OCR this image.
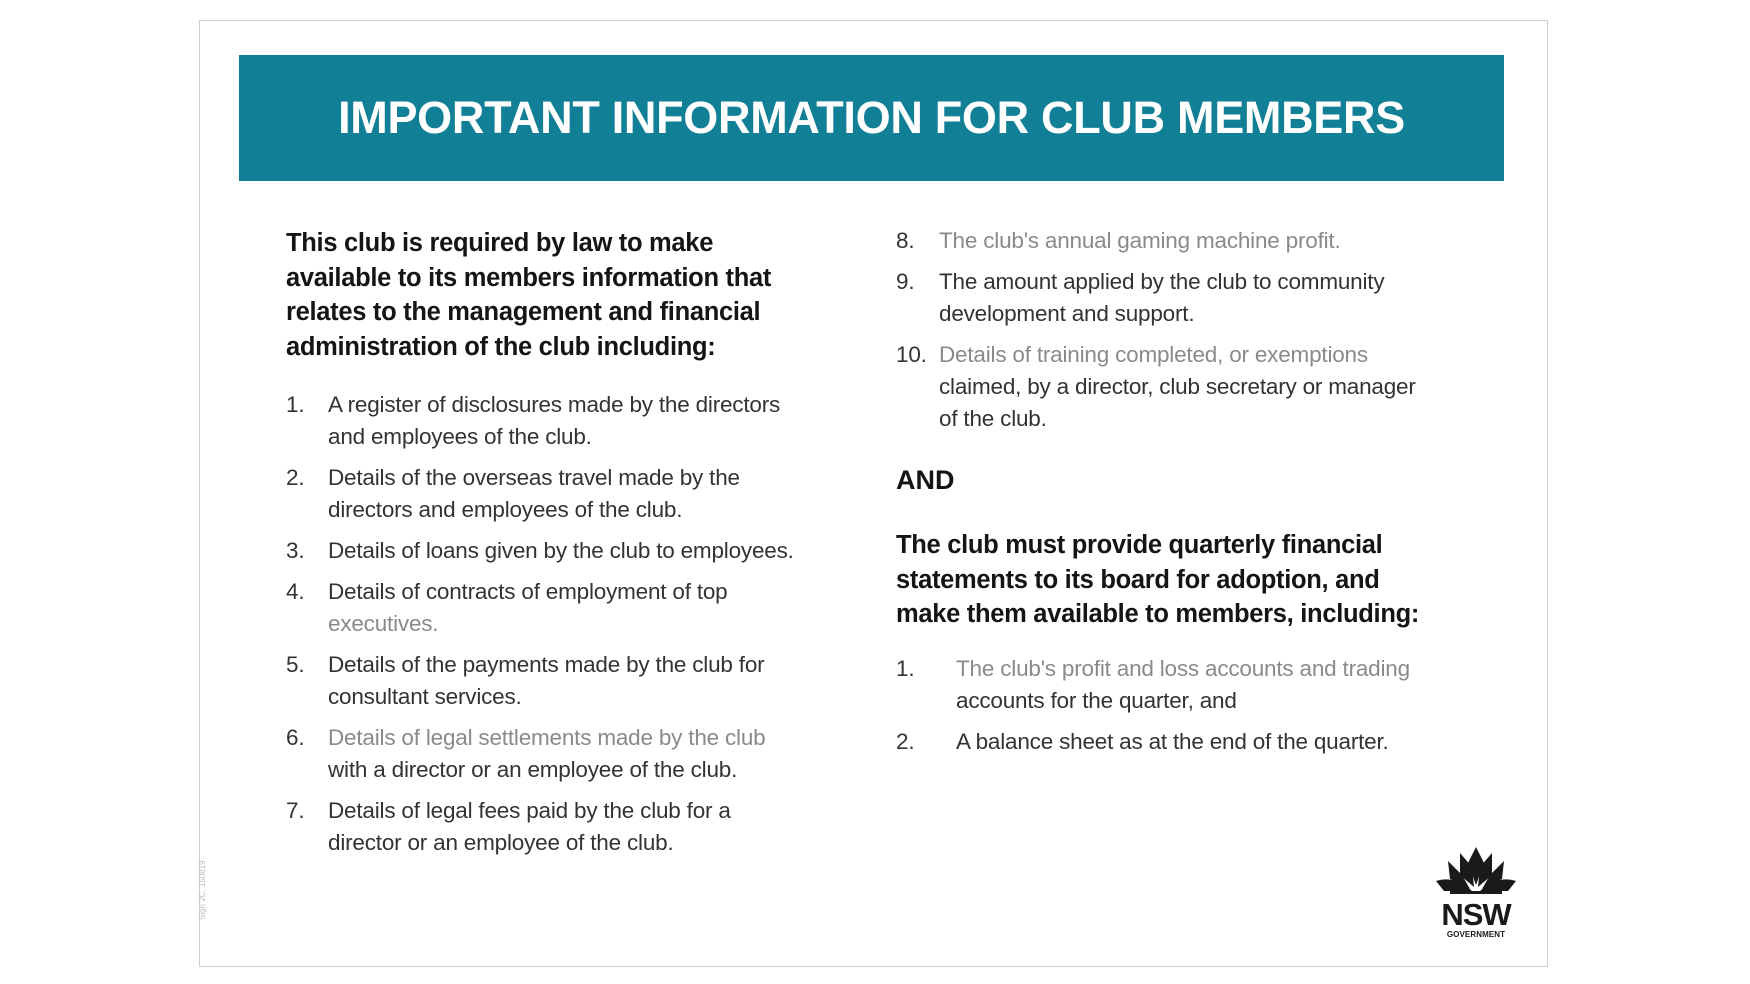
IMPORTANT INFORMATION FOR CLUB MEMBERS
This club is required by law to make
available to its members information that
relates to the management and financial
administration of the club including:
1.	A register of disclosures made by the directors
and employees of the club.
2.	Details of the overseas travel made by the
directors and employees of the club.
3.	Details of loans given by the club to employees.
4.	Details of contracts of employment of top
executives.
5.	Details of the payments made by the club for
consultant services.
6.	Details of legal settlements made by the club
with a director or an employee of the club.
7.	Details of legal fees paid by the club for a
director or an employee of the club.
8.	The club's annual gaming machine profit.
9.	The amount applied by the club to community
development and support.
10. Details of training completed, or exemptions
claimed, by a director, club secretary or manager
of the club.
AND
The club must provide quarterly financial
statements to its board for adoption, and
make them available to members, including:
1.	The club's profit and loss accounts and trading
accounts for the quarter, and
2.	A balance sheet as at the end of the quarter.
NSW
GOVERNMENT
Sign 2C, 150819
